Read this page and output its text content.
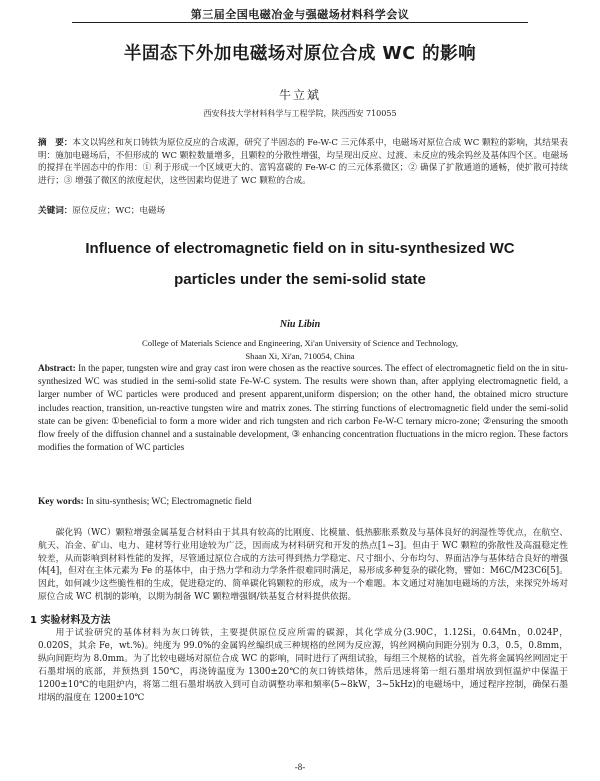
第三届全国电磁冶金与强磁场材料科学会议
半固态下外加电磁场对原位合成 WC 的影响
牛立斌
西安科技大学材料科学与工程学院，陕西西安 710055
摘　要：本文以钨丝和灰口铸铁为原位反应的合成源，研究了半固态的 Fe-W-C 三元体系中，电磁场对原位合成 WC 颗粒的影响，其结果表明：施加电磁场后，不但形成的 WC 颗粒数量增多，且颗粒的分散性增强，均呈现出反应、过渡、未反应的残余钨丝及基体四个区。电磁场的搅拌在半固态中的作用：① 利于形成一个区域更大的、富钨富碳的 Fe-W-C 的三元体系微区；② 确保了扩散通道的通畅，使扩散可持续进行；③ 增强了微区的浓度起伏，这些因素均促进了 WC 颗粒的合成。
关键词：原位反应；WC；电磁场
Influence of electromagnetic field on in situ-synthesized WC
particles under the semi-solid state
Niu Libin
College of Materials Science and Engineering, Xi'an University of Science and Technology,
Shaan Xi, Xi'an, 710054, China
Abstract: In the paper, tungsten wire and gray cast iron were chosen as the reactive sources. The effect of electromagnetic field on the in situ-synthesized WC was studied in the semi-solid state Fe-W-C system. The results were shown than, after applying electromagnetic field, a larger number of WC particles were produced and present apparent,uniform dispersion; on the other hand, the obtained micro structure includes reaction, transition, un-reactive tungsten wire and matrix zones. The stirring functions of electromagnetic field under the semi-solid state can be given: ①beneficial to form a more wider and rich tungsten and rich carbon Fe-W-C ternary micro-zone; ②ensuring the smooth flow freely of the diffusion channel and a sustainable development, ③ enhancing concentration fluctuations in the micro region. These factors modifies the formation of WC particles
Key words: In situ-synthesis; WC; Electromagnetic field
碳化钨（WC）颗粒增强金属基复合材料由于其具有较高的比刚度、比模量、低热膨胀系数及与基体良好的润湿性等优点，在航空、航天、冶金、矿山、电力、建材等行业用途较为广泛，因而成为材料研究和开发的热点[1~3]。但由于 WC 颗粒的弥散性及高温稳定性较差，从而影响到材料性能的发挥，尽管通过原位合成的方法可得到热力学稳定、尺寸细小、分布均匀、界面洁净与基体结合良好的增强体[4]，但对在主体元素为 Fe 的基体中，由于热力学和动力学条件很难同时满足，易形成多种复杂的碳化物，譬如：M6C/M23C6[5]。因此，如何减少这些脆性相的生成，促进稳定的、简单碳化钨颗粒的形成，成为一个难题。本文通过对施加电磁场的方法，来探究外场对原位合成 WC 机制的影响，以期为制备 WC 颗粒增强钢/铁基复合材料提供依据。
1 实验材料及方法
用于试验研究的基体材料为灰口铸铁，主要提供原位反应所需的碳源，其化学成分(3.90C，1.12Si，0.64Mn，0.024P，0.020S，其余 Fe，wt.%)。纯度为 99.0%的金属钨丝编织成三种规格的丝网为反应源，钨丝网横向间距分别为 0.3，0.5，0.8mm，纵向间距均为 8.0mm。为了比较电磁场对原位合成 WC 的影响，同时进行了两组试验，每组三个规格的试验，首先将金属钨丝网固定于石墨坩埚的底部，并预热到 150℃，再浇铸温度为 1300±20℃的灰口铸铁熔体，然后迅速将第一组石墨坩埚放到恒温炉中保温于 1200±10℃的电阻炉内，将第二组石墨坩埚放入到可自动调整功率和频率(5~8kW，3~5kHz)的电磁场中，通过程序控制，确保石墨坩埚的温度在 1200±10℃
-8-
